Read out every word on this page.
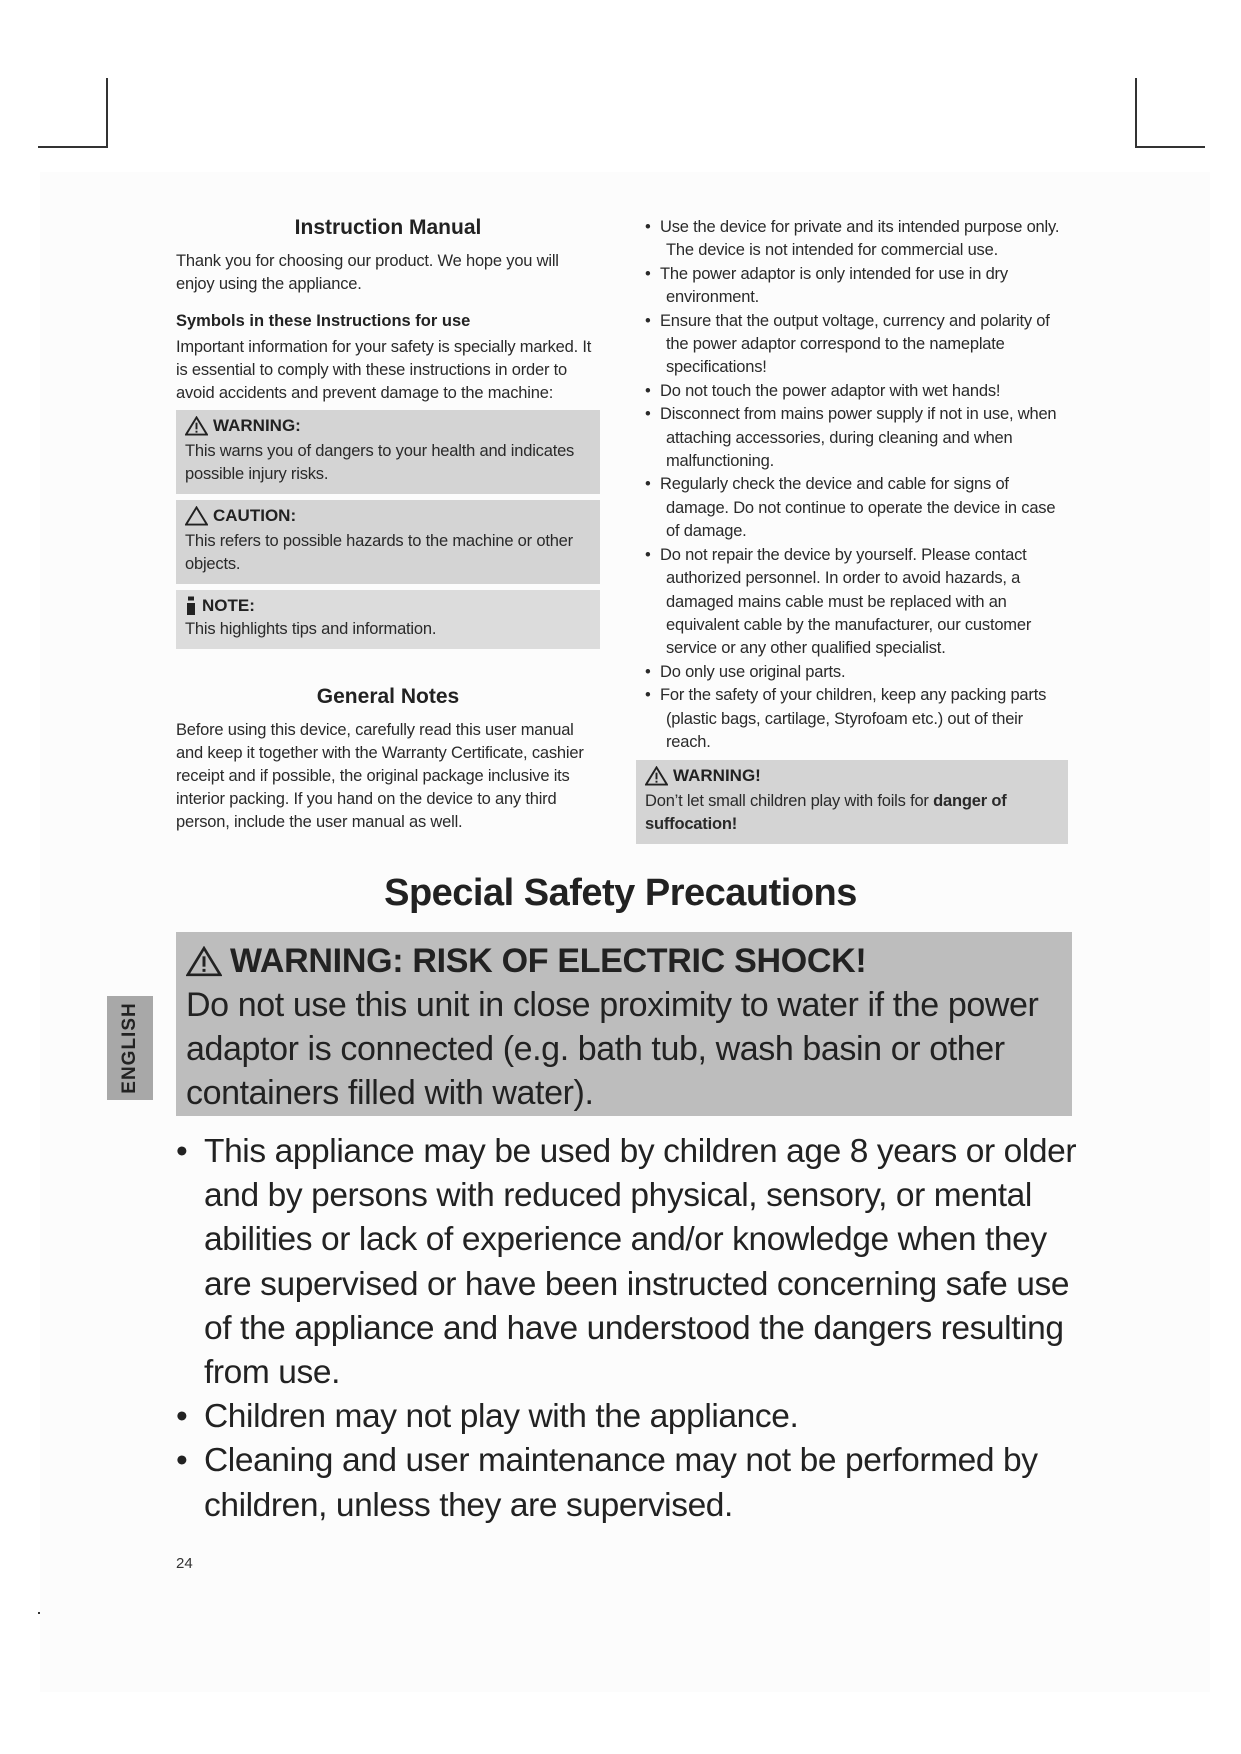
Instruction Manual

Thank you for choosing our product. We hope you will enjoy using the appliance.

Symbols in these Instructions for use

Important information for your safety is specially marked. It is essential to comply with these instructions in order to avoid accidents and prevent damage to the machine:

WARNING:
This warns you of dangers to your health and indicates possible injury risks.
CAUTION:
This refers to possible hazards to the machine or other objects.
NOTE:
This highlights tips and information.
General Notes

Before using this device, carefully read this user manual and keep it together with the Warranty Certificate, cashier receipt and if possible, the original package inclusive its interior packing. If you hand on the device to any third person, include the user manual as well.

• Use the device for private and its intended purpose only. The device is not intended for commercial use.
• The power adaptor is only intended for use in dry environment.
• Ensure that the output voltage, currency and polarity of the power adaptor correspond to the nameplate specifications!
• Do not touch the power adaptor with wet hands!
• Disconnect from mains power supply if not in use, when attaching accessories, during cleaning and when malfunctioning.
• Regularly check the device and cable for signs of damage. Do not continue to operate the device in case of damage.
• Do not repair the device by yourself. Please contact authorized personnel. In order to avoid hazards, a damaged mains cable must be replaced with an equivalent cable by the manufacturer, our customer service or any other qualified specialist.
• Do only use original parts.
• For the safety of your children, keep any packing parts (plastic bags, cartilage, Styrofoam etc.) out of their reach.
WARNING!
Don’t let small children play with foils for danger of suffocation!
Special Safety Precautions
WARNING: RISK OF ELECTRIC SHOCK!
Do not use this unit in close proximity to water if the power adaptor is connected (e.g. bath tub, wash basin or other containers filled with water).
• This appliance may be used by children age 8 years or older and by persons with reduced physical, sensory, or mental abilities or lack of experience and/or knowledge when they are supervised or have been instructed concerning safe use of the appliance and have understood the dangers resulting from use.
• Children may not play with the appliance.
• Cleaning and user maintenance may not be performed by children, unless they are supervised.
ENGLISH
24
